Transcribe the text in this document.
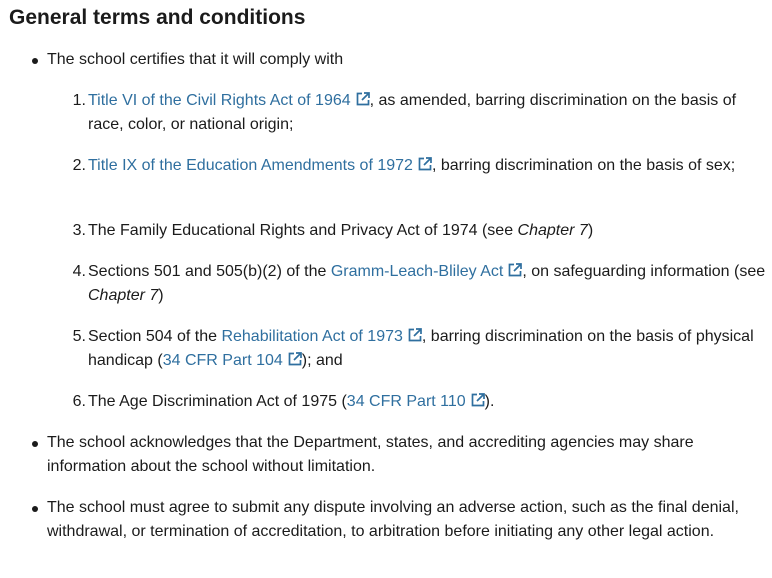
General terms and conditions
The school certifies that it will comply with
1. Title VI of the Civil Rights Act of 1964 , as amended, barring discrimination on the basis of race, color, or national origin;
2. Title IX of the Education Amendments of 1972 , barring discrimination on the basis of sex;
3. The Family Educational Rights and Privacy Act of 1974 (see Chapter 7)
4. Sections 501 and 505(b)(2) of the Gramm-Leach-Bliley Act , on safeguarding information (see Chapter 7)
5. Section 504 of the Rehabilitation Act of 1973 , barring discrimination on the basis of physical handicap (34 CFR Part 104 ); and
6. The Age Discrimination Act of 1975 (34 CFR Part 110 ).
The school acknowledges that the Department, states, and accrediting agencies may share information about the school without limitation.
The school must agree to submit any dispute involving an adverse action, such as the final denial, withdrawal, or termination of accreditation, to arbitration before initiating any other legal action.
